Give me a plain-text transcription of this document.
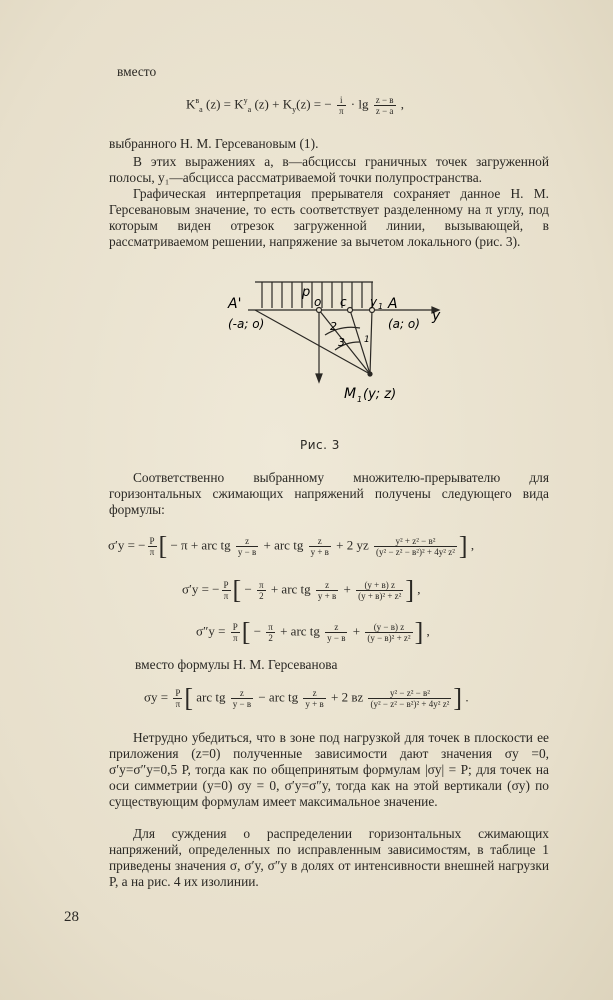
вместо
$K^в_a$ $(z) = K^y_a$ $(z) + K_y(z)$ = − $\frac{i}{\pi} \cdot \lg \frac{z - в}{z - a}$ ,
выбранного Н. М. Герсевановым (1).
В этих выражениях а, в—абсциссы граничных точек загруженной полосы, y₁—абсцисса рассматриваемой точки полупространства.
Графическая интерпретация прерывателя сохраняет данное Н. М. Герсевановым значение, то есть соответствует разделенному на π углу, под которым виден отрезок загруженной линии, вызывающей, в рассматриваемом решении, напряжение за вычетом локального (рис. 3).
p
A'	A
o c y 1
y
(-a; o)	(a; o)
2
3 1
M 1 (y; z)
Рис. 3
Соответственно выбранному множителю-прерывателю для горизонтальных сжимающих напряжений получены следующего вида формулы:
σ′y = − $\frac{P}{\pi}$ [ − π + arc tg $\frac{z}{y - в}$ + arc tg $\frac{z}{y + в} + 2$ yz $\frac{\text{y² + z² − в²}}{\text{(y² − z² − в²)² + 4y² z²}}$ ] ,
σ′y = − $\frac{P}{\pi}$ [ − $\frac{\pi}{2}$ + arc tg $\frac{z}{y + в} + \frac{(y + в) z}{\text{(y + в)² + z²}}$ ] ,
$\sigma''y = \frac{P}{\pi}$ [ − $\frac{\pi}{2}$ + arc tg $\frac{z}{y - в} + \frac{(y - в) z}{\text{(y − в)² + z²}}$ ] ,
вместо формулы Н. М. Герсеванова
$\sigma y = \frac{P}{\pi}$ [ arc tg $\frac{z}{y - в}$ − arc tg $\frac{z}{y + в} + 2$ вz $\frac{\text{y² − z² − в²}}{\text{(y² − z² − в²)² + 4y² z²}}$ ] .
Нетрудно убедиться, что в зоне под нагрузкой для точек в плоскости ее приложения (z=0) полученные зависимости дают значения σy =0, σ′y=σ″y=0,5 P, тогда как по общепринятым формулам |σy| = P; для точек на оси симметрии (y=0) σy = 0, σ′y=σ″y, тогда как на этой вертикали (σy) по существующим формулам имеет максимальное значение.
Для суждения о распределении горизонтальных сжимающих напряжений, определенных по исправленным зависимостям, в таблице 1 приведены значения σ, σ′y, σ″y в долях от интенсивности внешней нагрузки P, а на рис. 4 их изолинии.
28
